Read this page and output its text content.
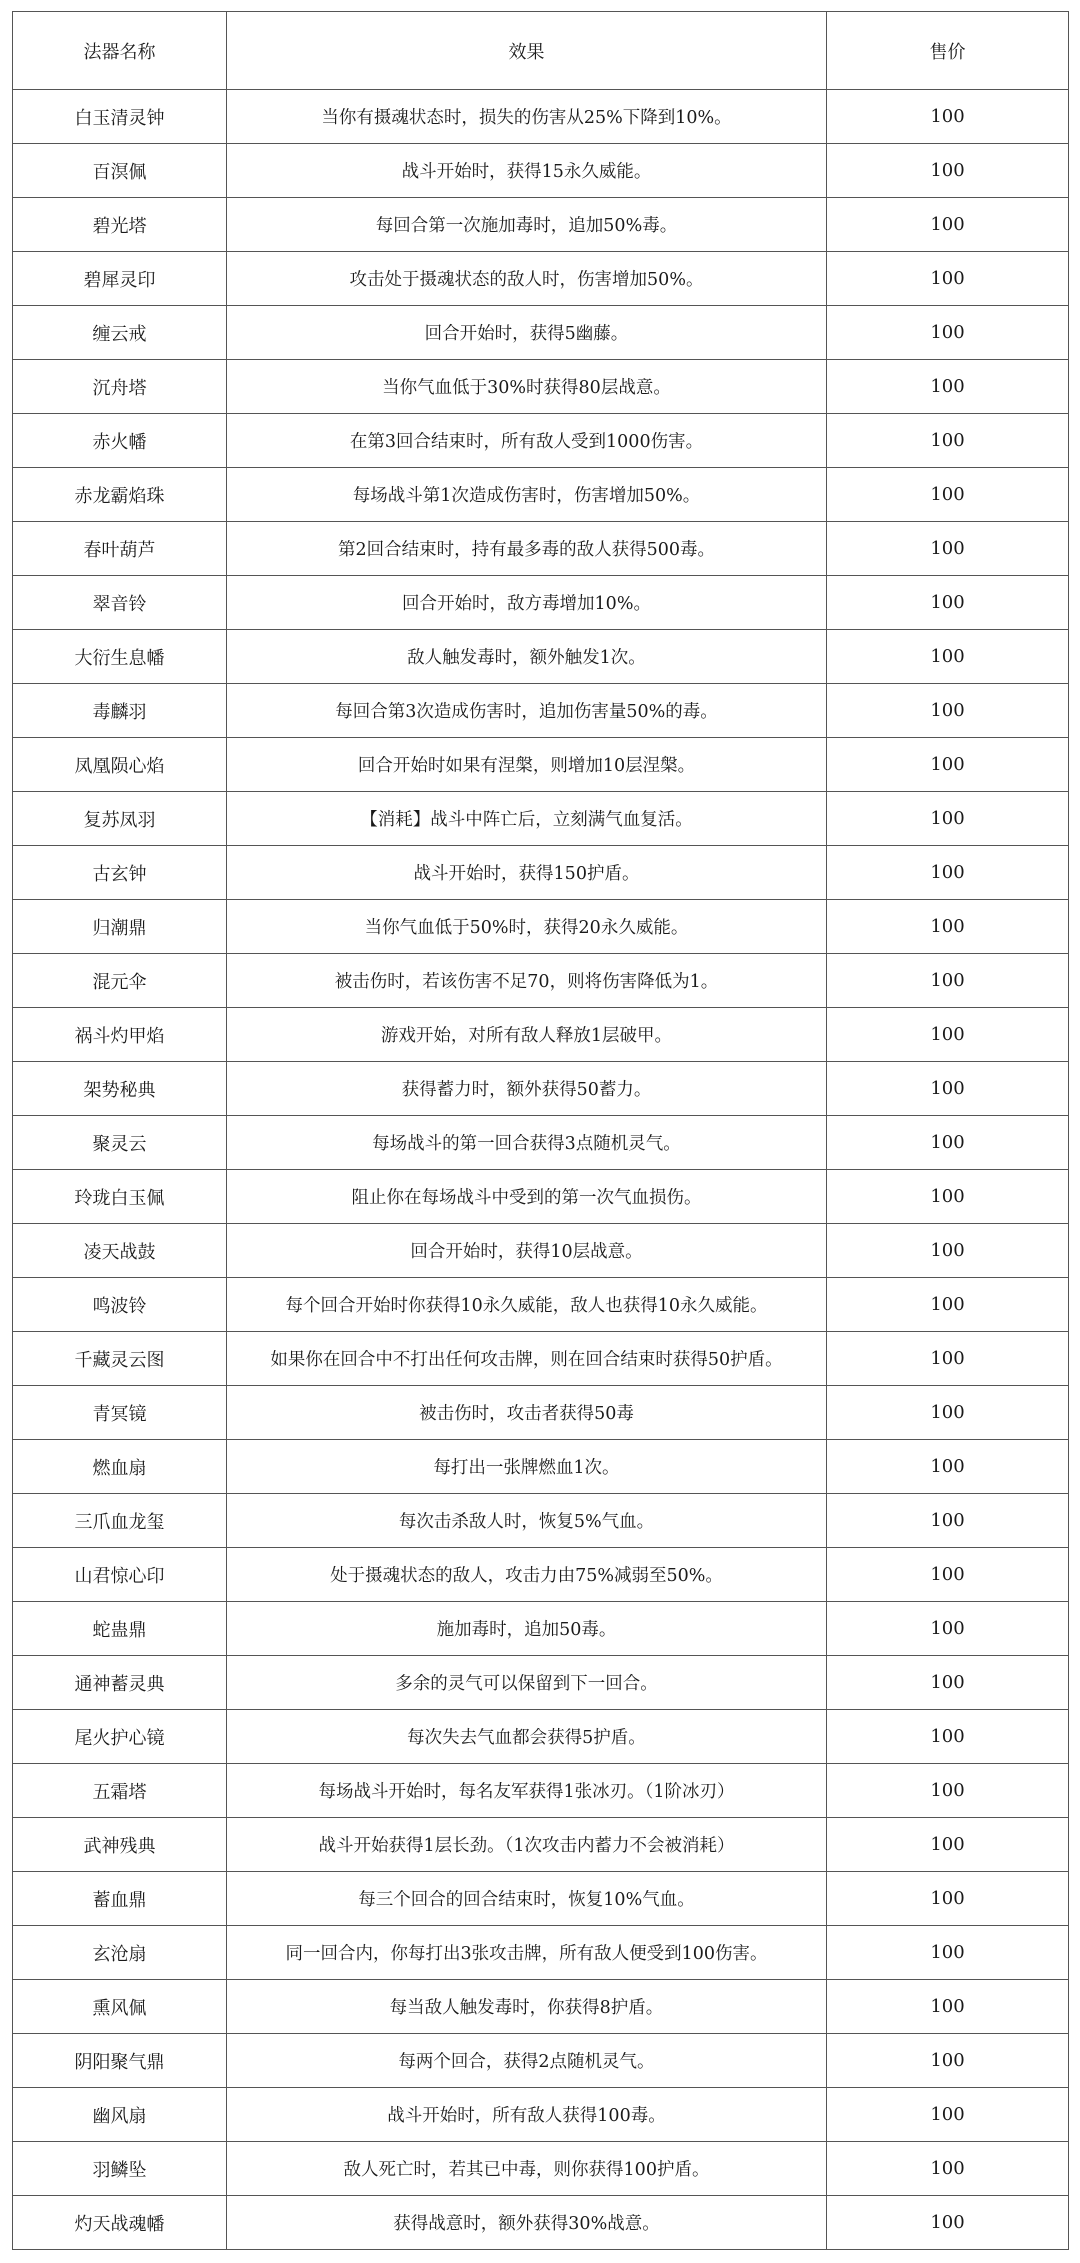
法器名称	效果	售价
白玉清灵钟	当你有摄魂状态时，损失的伤害从25%下降到10%。	100
百溟佩	战斗开始时，获得15永久威能。	100
碧光塔	每回合第一次施加毒时，追加50%毒。	100
碧犀灵印	攻击处于摄魂状态的敌人时，伤害增加50%。	100
缠云戒	回合开始时，获得5幽藤。	100
沉舟塔	当你气血低于30%时获得80层战意。	100
赤火幡	在第3回合结束时，所有敌人受到1000伤害。	100
赤龙霸焰珠	每场战斗第1次造成伤害时，伤害增加50%。	100
春叶葫芦	第2回合结束时，持有最多毒的敌人获得500毒。	100
翠音铃	回合开始时，敌方毒增加10%。	100
大衍生息幡	敌人触发毒时，额外触发1次。	100
毒麟羽	每回合第3次造成伤害时，追加伤害量50%的毒。	100
凤凰陨心焰	回合开始时如果有涅槃，则增加10层涅槃。	100
复苏凤羽	【消耗】战斗中阵亡后，立刻满气血复活。	100
古玄钟	战斗开始时，获得150护盾。	100
归潮鼎	当你气血低于50%时，获得20永久威能。	100
混元伞	被击伤时，若该伤害不足70，则将伤害降低为1。	100
祸斗灼甲焰	游戏开始，对所有敌人释放1层破甲。	100
架势秘典	获得蓄力时，额外获得50蓄力。	100
聚灵云	每场战斗的第一回合获得3点随机灵气。	100
玲珑白玉佩	阻止你在每场战斗中受到的第一次气血损伤。	100
凌天战鼓	回合开始时，获得10层战意。	100
鸣波铃	每个回合开始时你获得10永久威能，敌人也获得10永久威能。	100
千藏灵云图	如果你在回合中不打出任何攻击牌，则在回合结束时获得50护盾。	100
青冥镜	被击伤时，攻击者获得50毒	100
燃血扇	每打出一张牌燃血1次。	100
三爪血龙玺	每次击杀敌人时，恢复5%气血。	100
山君惊心印	处于摄魂状态的敌人，攻击力由75%减弱至50%。	100
蛇蛊鼎	施加毒时，追加50毒。	100
通神蓄灵典	多余的灵气可以保留到下一回合。	100
尾火护心镜	每次失去气血都会获得5护盾。	100
五霜塔	每场战斗开始时，每名友军获得1张冰刃。（1阶冰刃）	100
武神残典	战斗开始获得1层长劲。（1次攻击内蓄力不会被消耗）	100
蓄血鼎	每三个回合的回合结束时，恢复10%气血。	100
玄沧扇	同一回合内，你每打出3张攻击牌，所有敌人便受到100伤害。	100
熏风佩	每当敌人触发毒时，你获得8护盾。	100
阴阳聚气鼎	每两个回合，获得2点随机灵气。	100
幽风扇	战斗开始时，所有敌人获得100毒。	100
羽鳞坠	敌人死亡时，若其已中毒，则你获得100护盾。	100
灼天战魂幡	获得战意时，额外获得30%战意。	100
